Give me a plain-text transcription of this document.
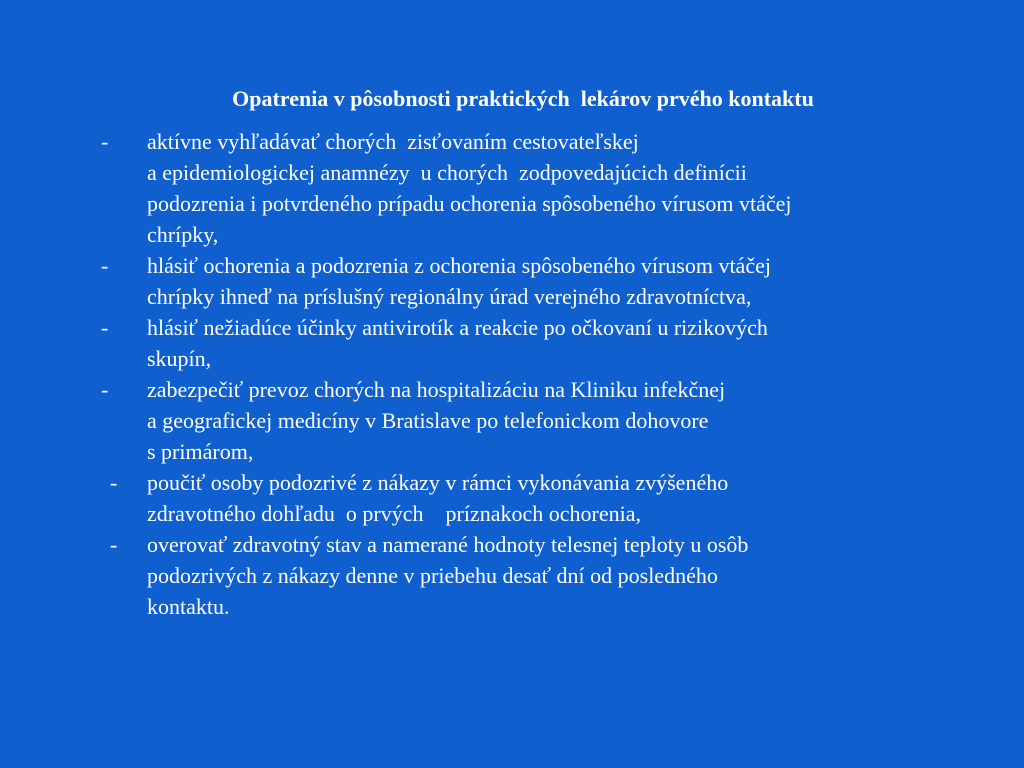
Opatrenia v pôsobnosti praktických  lekárov prvého kontaktu
- aktívne vyhľadávať chorých  zisťovaním cestovateľskej
a epidemiologickej anamnézy  u chorých  zodpovedajúcich definícii
podozrenia i potvrdeného prípadu ochorenia spôsobeného vírusom vtáčej
chrípky,
- hlásiť ochorenia a podozrenia z ochorenia spôsobeného vírusom vtáčej
chrípky ihneď na príslušný regionálny úrad verejného zdravotníctva,
- hlásiť nežiadúce účinky antivirotík a reakcie po očkovaní u rizikových
skupín,
- zabezpečiť prevoz chorých na hospitalizáciu na Kliniku infekčnej
a geografickej medicíny v Bratislave po telefonickom dohovore
s primárom,
- poučiť osoby podozrivé z nákazy v rámci vykonávania zvýšeného
zdravotného dohľadu  o prvých    príznakoch ochorenia,
- overovať zdravotný stav a namerané hodnoty telesnej teploty u osôb
podozrivých z nákazy denne v priebehu desať dní od posledného
kontaktu.
